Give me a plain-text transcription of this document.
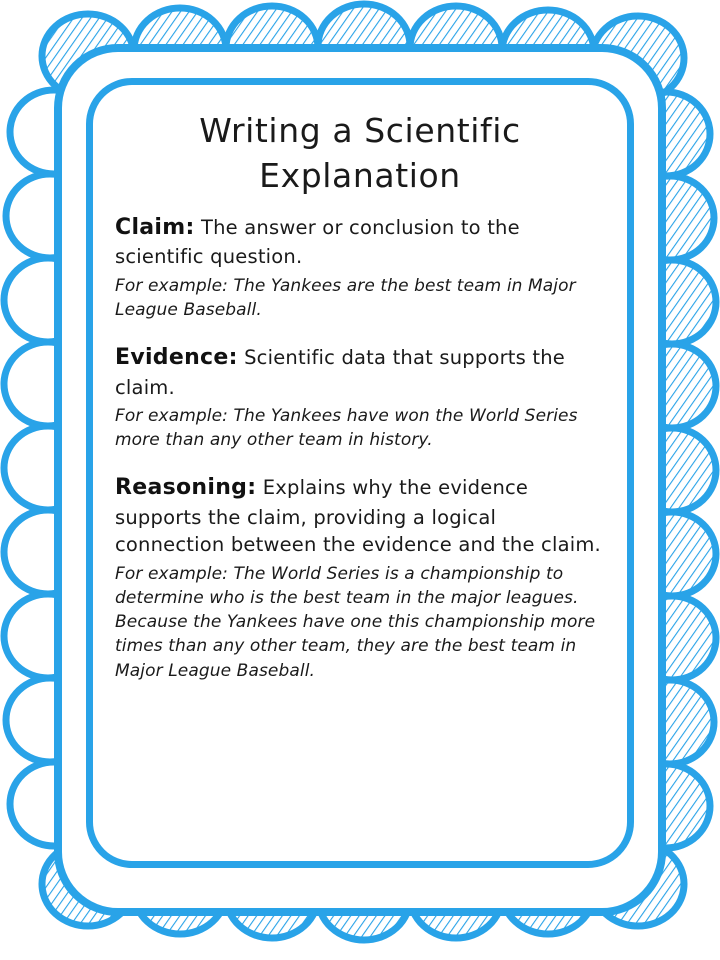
Writing a Scientific
Explanation

Claim: The answer or conclusion to the scientific question.

For example: The Yankees are the best team in Major League Baseball.

Evidence: Scientific data that supports the claim.

For example: The Yankees have won the World Series more than any other team in history.

Reasoning: Explains why the evidence supports the claim, providing a logical connection between the evidence and the claim.

For example: The World Series is a championship to determine who is the best team in the major leagues. Because the Yankees have one this championship more times than any other team, they are the best team in Major League Baseball.
